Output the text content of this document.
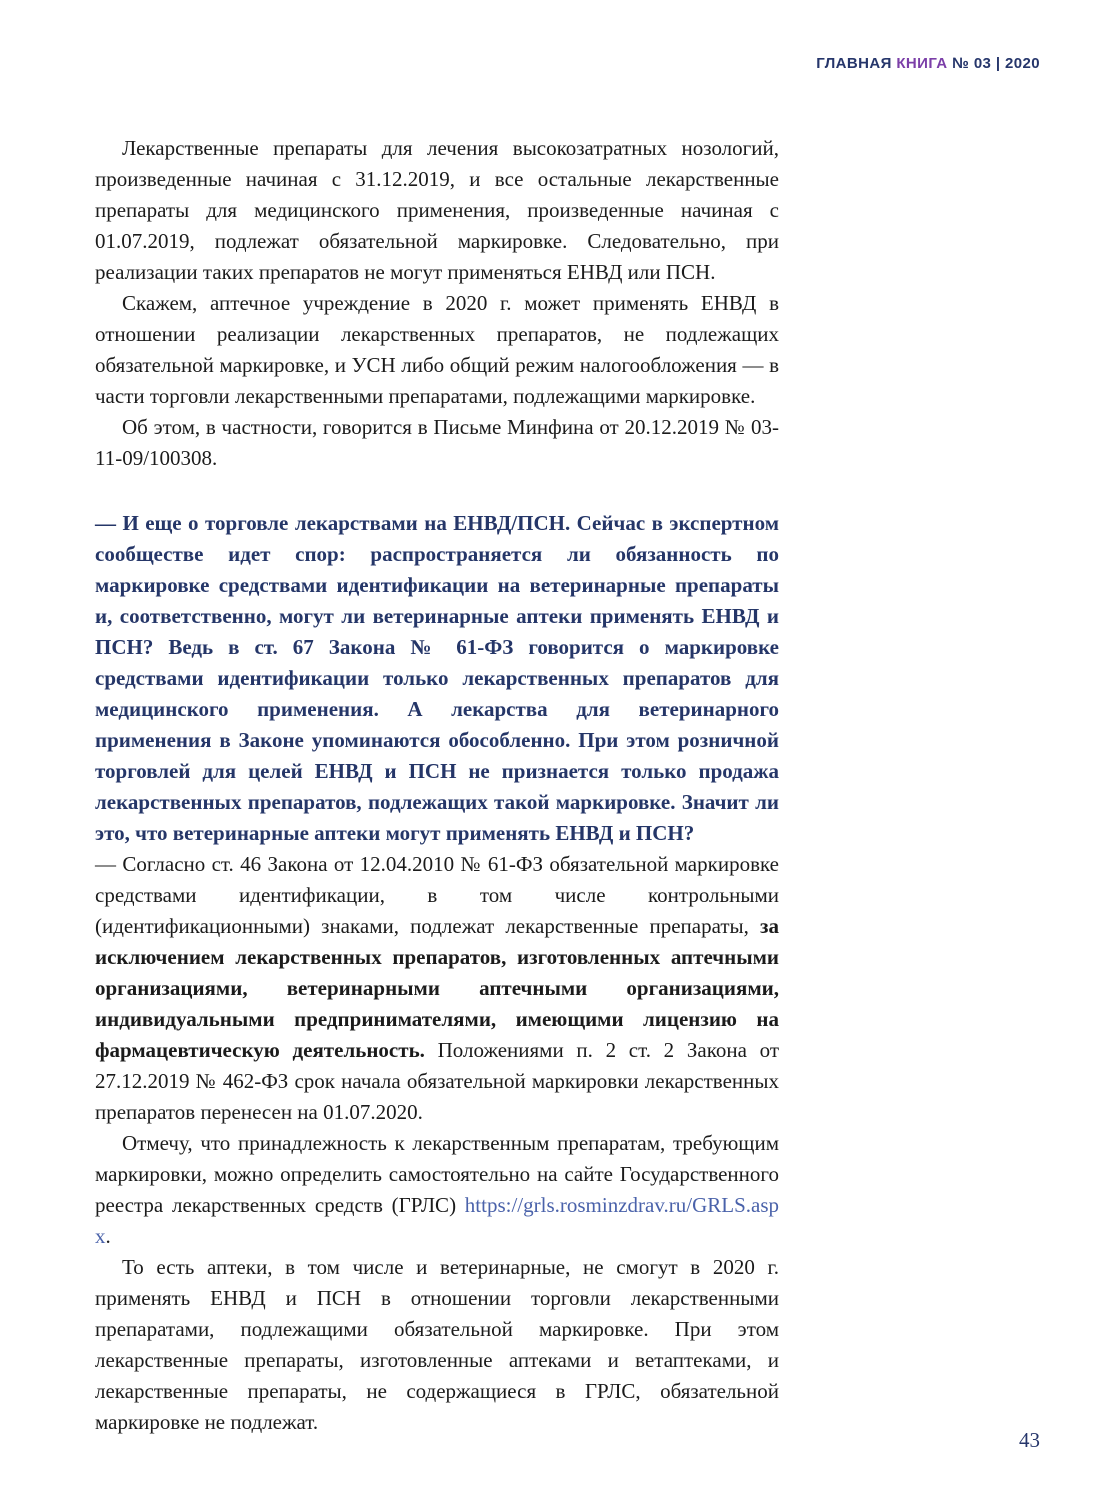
ГЛАВНАЯ КНИГА № 03 | 2020

Лекарственные препараты для лечения высокозатратных нозологий, произведенные начиная с 31.12.2019, и все остальные лекарственные препараты для медицинского применения, произведенные начиная с 01.07.2019, подлежат обязательной маркировке. Следовательно, при реализации таких препаратов не могут применяться ЕНВД или ПСН.

Скажем, аптечное учреждение в 2020 г. может применять ЕНВД в отношении реализации лекарственных препаратов, не подлежащих обязательной маркировке, и УСН либо общий режим налогообложения — в части торговли лекарственными препаратами, подлежащими маркировке.

Об этом, в частности, говорится в Письме Минфина от 20.12.2019 № 03-11-09/100308.

— И еще о торговле лекарствами на ЕНВД/ПСН. Сейчас в экспертном сообществе идет спор: распространяется ли обязанность по маркировке средствами идентификации на ветеринарные препараты и, соответственно, могут ли ветеринарные аптеки применять ЕНВД и ПСН? Ведь в ст. 67 Закона № 61-ФЗ говорится о маркировке средствами идентификации только лекарственных препаратов для медицинского применения. А лекарства для ветеринарного применения в Законе упоминаются обособленно. При этом розничной торговлей для целей ЕНВД и ПСН не признается только продажа лекарственных препаратов, подлежащих такой маркировке. Значит ли это, что ветеринарные аптеки могут применять ЕНВД и ПСН?

— Согласно ст. 46 Закона от 12.04.2010 № 61-ФЗ обязательной маркировке средствами идентификации, в том числе контрольными (идентификационными) знаками, подлежат лекарственные препараты, за исключением лекарственных препаратов, изготовленных аптечными организациями, ветеринарными аптечными организациями, индивидуальными предпринимателями, имеющими лицензию на фармацевтическую деятельность. Положениями п. 2 ст. 2 Закона от 27.12.2019 № 462-ФЗ срок начала обязательной маркировки лекарственных препаратов перенесен на 01.07.2020.

Отмечу, что принадлежность к лекарственным препаратам, требующим маркировки, можно определить самостоятельно на сайте Государственного реестра лекарственных средств (ГРЛС) https://grls.rosminzdrav.ru/GRLS.aspx.

То есть аптеки, в том числе и ветеринарные, не смогут в 2020 г. применять ЕНВД и ПСН в отношении торговли лекарственными препаратами, подлежащими обязательной маркировке. При этом лекарственные препараты, изготовленные аптеками и ветаптеками, и лекарственные препараты, не содержащиеся в ГРЛС, обязательной маркировке не подлежат.

43
